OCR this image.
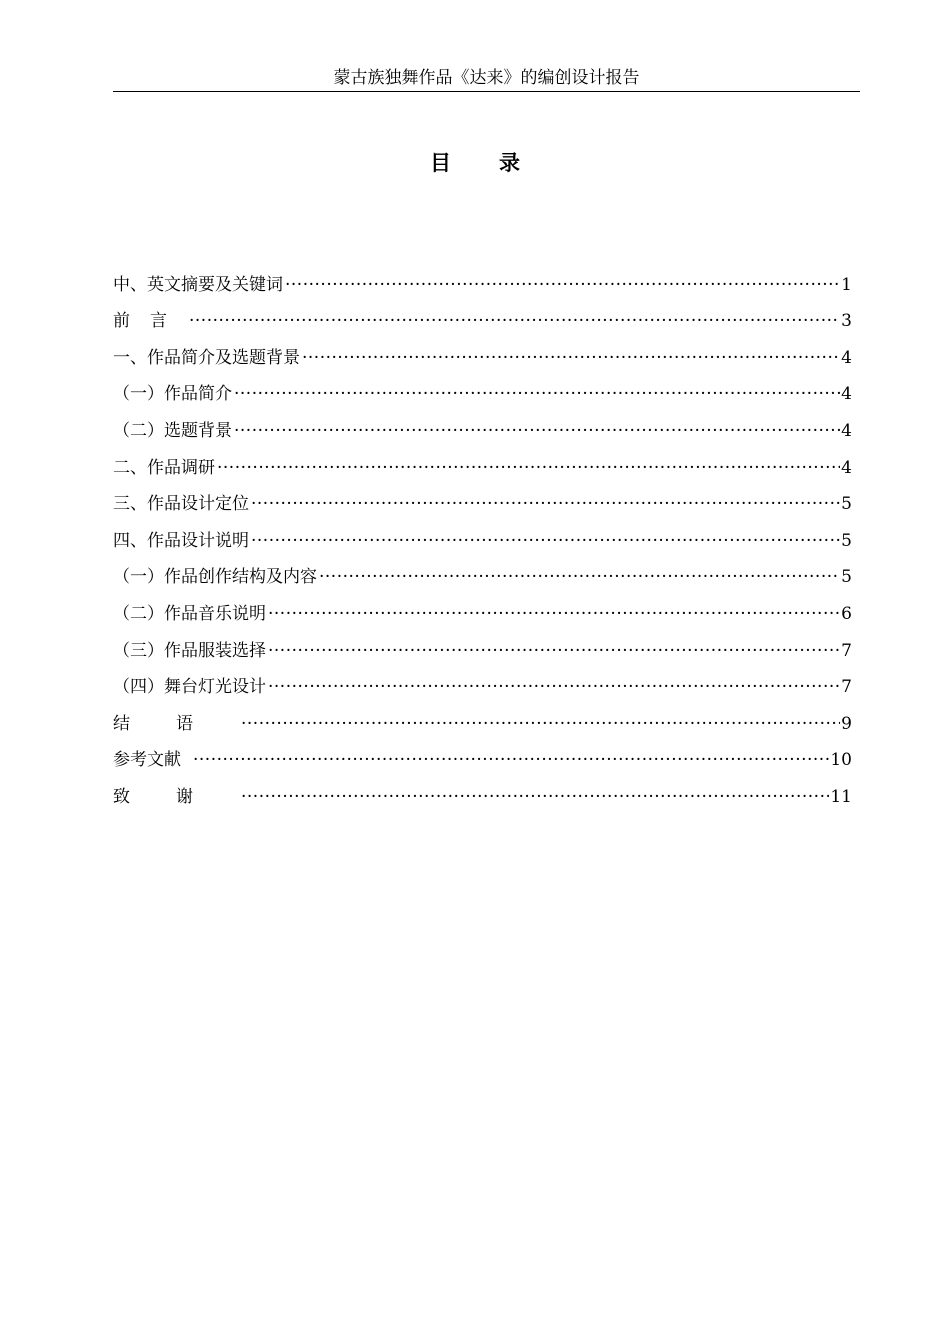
蒙古族独舞作品《达来》的编创设计报告
目录
中、英文摘要及关键词 ·····	1
前言 ·····	3
一、作品简介及选题背景 ·····	4
（一）作品简介 ·····	4
（二）选题背景 ·····	4
二、作品调研 ·····	4
三、作品设计定位 ·····	5
四、作品设计说明 ·····	5
（一）作品创作结构及内容 ·····	5
（二）作品音乐说明 ·····	6
（三）作品服装选择 ·····	7
（四）舞台灯光设计 ·····	7
结语 ·····	9
参考文献 ·····	10
致谢 ·····	11
